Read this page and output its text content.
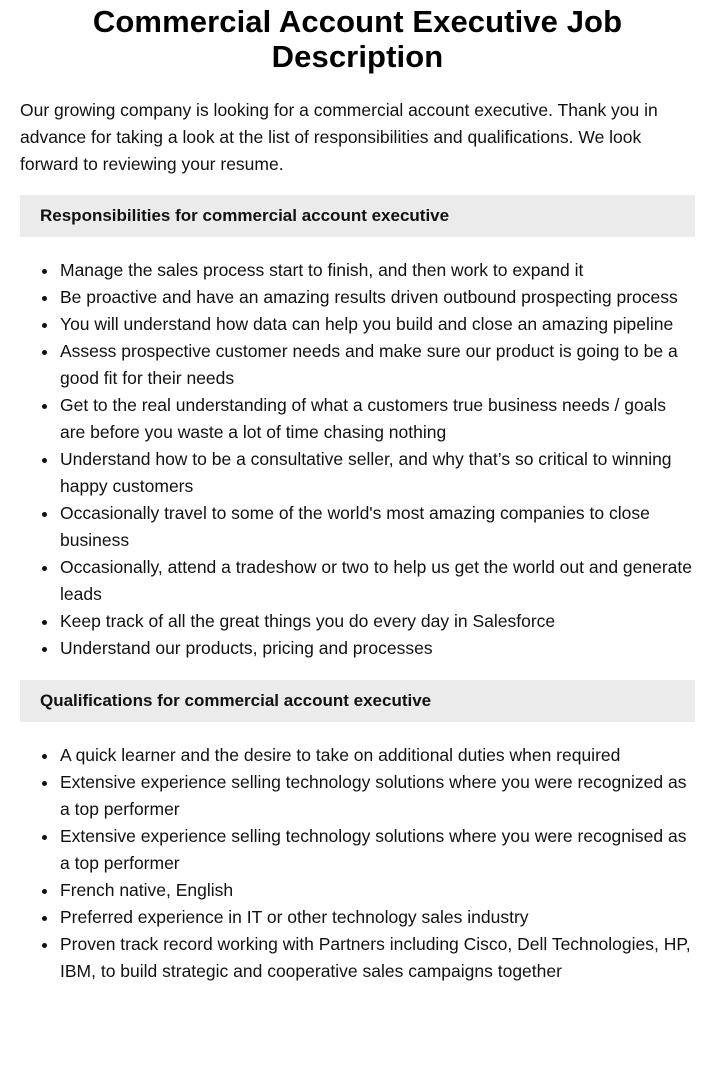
Commercial Account Executive Job Description

Our growing company is looking for a commercial account executive. Thank you in advance for taking a look at the list of responsibilities and qualifications. We look forward to reviewing your resume.

Responsibilities for commercial account executive
Manage the sales process start to finish, and then work to expand it
Be proactive and have an amazing results driven outbound prospecting process
You will understand how data can help you build and close an amazing pipeline
Assess prospective customer needs and make sure our product is going to be a good fit for their needs
Get to the real understanding of what a customers true business needs / goals are before you waste a lot of time chasing nothing
Understand how to be a consultative seller, and why that’s so critical to winning happy customers
Occasionally travel to some of the world's most amazing companies to close business
Occasionally, attend a tradeshow or two to help us get the world out and generate leads
Keep track of all the great things you do every day in Salesforce
Understand our products, pricing and processes
Qualifications for commercial account executive
A quick learner and the desire to take on additional duties when required
Extensive experience selling technology solutions where you were recognized as a top performer
Extensive experience selling technology solutions where you were recognised as a top performer
French native, English
Preferred experience in IT or other technology sales industry
Proven track record working with Partners including Cisco, Dell Technologies, HP, IBM, to build strategic and cooperative sales campaigns together
